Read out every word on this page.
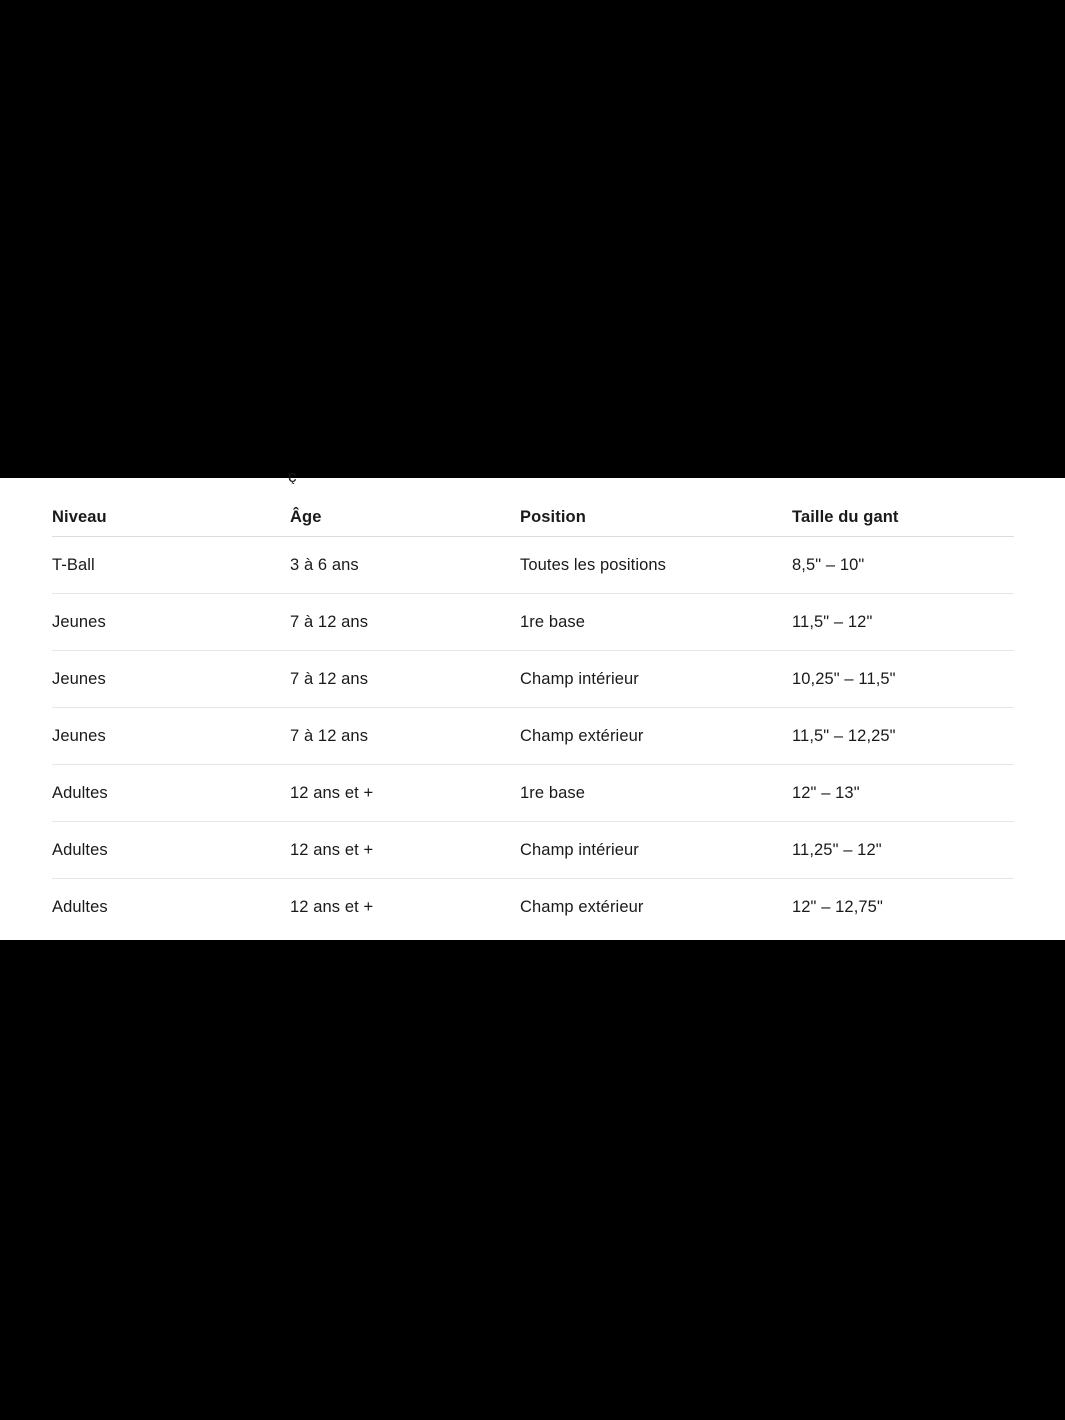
ç
Niveau	Âge	Position	Taille du gant
T-Ball	3 à 6 ans	Toutes les positions	8,5" – 10"
Jeunes	7 à 12 ans	1re base	11,5" – 12"
Jeunes	7 à 12 ans	Champ intérieur	10,25" – 11,5"
Jeunes	7 à 12 ans	Champ extérieur	11,5" – 12,25"
Adultes	12 ans et +	1re base	12" – 13"
Adultes	12 ans et +	Champ intérieur	11,25" – 12"
Adultes	12 ans et +	Champ extérieur	12" – 12,75"
